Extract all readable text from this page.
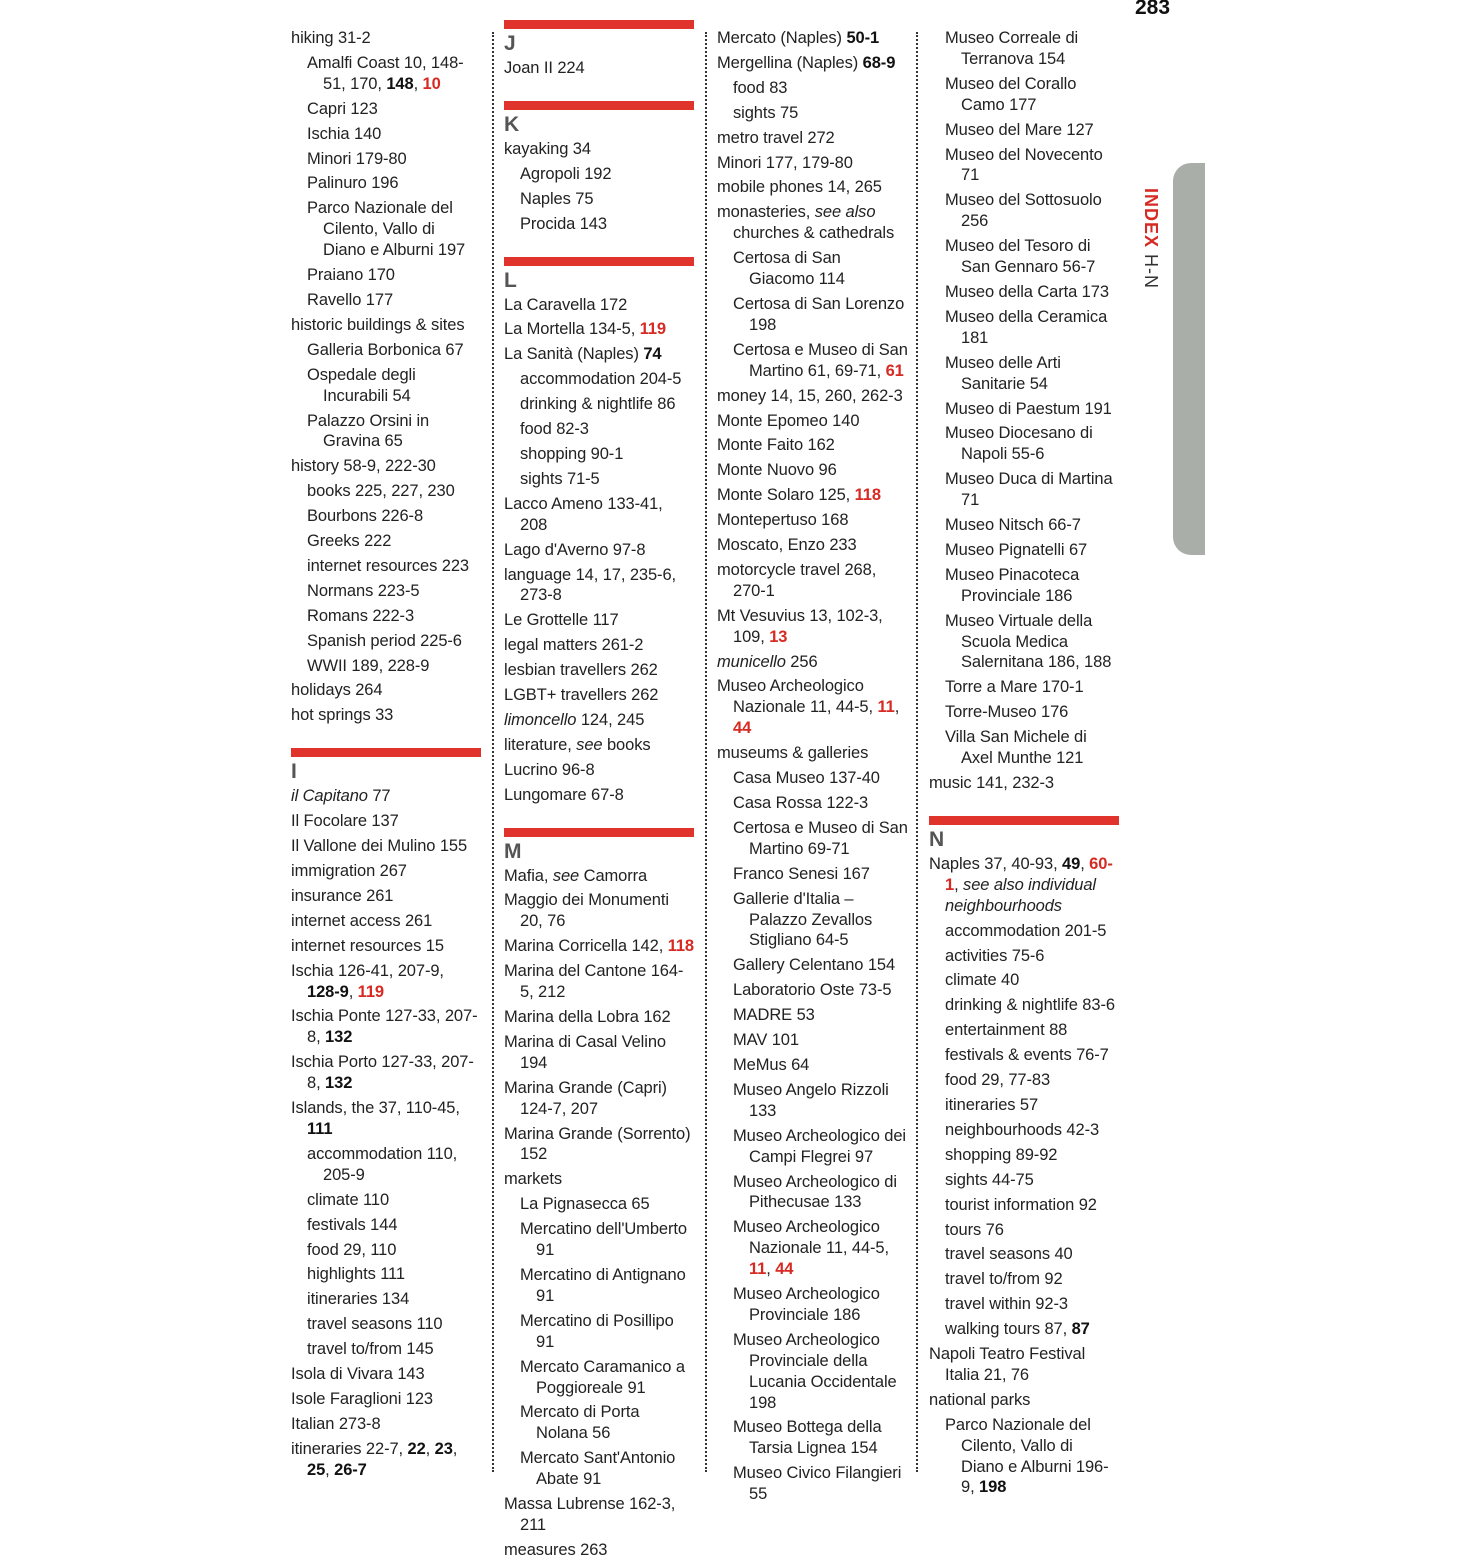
283
hiking 31-2
Amalfi Coast 10, 148-51, 170, 148, 10
Capri 123
Ischia 140
Minori 179-80
Palinuro 196
Parco Nazionale del Cilento, Vallo di Diano e Alburni 197
Praiano 170
Ravello 177
historic buildings & sites
Galleria Borbonica 67
Ospedale degli Incurabili 54
Palazzo Orsini in Gravina 65
history 58-9, 222-30
books 225, 227, 230
Bourbons 226-8
Greeks 222
internet resources 223
Normans 223-5
Romans 222-3
Spanish period 225-6
WWII 189, 228-9
holidays 264
hot springs 33
I
il Capitano 77
Il Focolare 137
Il Vallone dei Mulino 155
immigration 267
insurance 261
internet access 261
internet resources 15
Ischia 126-41, 207-9, 128-9, 119
Ischia Ponte 127-33, 207-8, 132
Ischia Porto 127-33, 207-8, 132
Islands, the 37, 110-45, 111
accommodation 110, 205-9
climate 110
festivals 144
food 29, 110
highlights 111
itineraries 134
travel seasons 110
travel to/from 145
Isola di Vivara 143
Isole Faraglioni 123
Italian 273-8
itineraries 22-7, 22, 23, 25, 26-7
J
Joan II 224
K
kayaking 34
Agropoli 192
Naples 75
Procida 143
L
La Caravella 172
La Mortella 134-5, 119
La Sanità (Naples) 74
accommodation 204-5
drinking & nightlife 86
food 82-3
shopping 90-1
sights 71-5
Lacco Ameno 133-41, 208
Lago d'Averno 97-8
language 14, 17, 235-6, 273-8
Le Grottelle 117
legal matters 261-2
lesbian travellers 262
LGBT+ travellers 262
limoncello 124, 245
literature, see books
Lucrino 96-8
Lungomare 67-8
M
Mafia, see Camorra
Maggio dei Monumenti 20, 76
Marina Corricella 142, 118
Marina del Cantone 164-5, 212
Marina della Lobra 162
Marina di Casal Velino 194
Marina Grande (Capri) 124-7, 207
Marina Grande (Sorrento) 152
markets
La Pignasecca 65
Mercatino dell'Umberto 91
Mercatino di Antignano 91
Mercatino di Posillipo 91
Mercato Caramanico a Poggioreale 91
Mercato di Porta Nolana 56
Mercato Sant'Antonio Abate 91
Massa Lubrense 162-3, 211
measures 263
Mercato (Naples) 50-1
Mergellina (Naples) 68-9
food 83
sights 75
metro travel 272
Minori 177, 179-80
mobile phones 14, 265
monasteries, see also churches & cathedrals
Certosa di San Giacomo 114
Certosa di San Lorenzo 198
Certosa e Museo di San Martino 61, 69-71, 61
money 14, 15, 260, 262-3
Monte Epomeo 140
Monte Faito 162
Monte Nuovo 96
Monte Solaro 125, 118
Montepertuso 168
Moscato, Enzo 233
motorcycle travel 268, 270-1
Mt Vesuvius 13, 102-3, 109, 13
municello 256
Museo Archeologico Nazionale 11, 44-5, 11, 44
museums & galleries
Casa Museo 137-40
Casa Rossa 122-3
Certosa e Museo di San Martino 69-71
Franco Senesi 167
Gallerie d'Italia – Palazzo Zevallos Stigliano 64-5
Gallery Celentano 154
Laboratorio Oste 73-5
MADRE 53
MAV 101
MeMus 64
Museo Angelo Rizzoli 133
Museo Archeologico dei Campi Flegrei 97
Museo Archeologico di Pithecusae 133
Museo Archeologico Nazionale 11, 44-5, 11, 44
Museo Archeologico Provinciale 186
Museo Archeologico Provinciale della Lucania Occidentale 198
Museo Bottega della Tarsia Lignea 154
Museo Civico Filangieri 55
Museo Correale di Terranova 154
Museo del Corallo Camo 177
Museo del Mare 127
Museo del Novecento 71
Museo del Sottosuolo 256
Museo del Tesoro di San Gennaro 56-7
Museo della Carta 173
Museo della Ceramica 181
Museo delle Arti Sanitarie 54
Museo di Paestum 191
Museo Diocesano di Napoli 55-6
Museo Duca di Martina 71
Museo Nitsch 66-7
Museo Pignatelli 67
Museo Pinacoteca Provinciale 186
Museo Virtuale della Scuola Medica Salernitana 186, 188
Torre a Mare 170-1
Torre-Museo 176
Villa San Michele di Axel Munthe 121
music 141, 232-3
N
Naples 37, 40-93, 49, 60-1, see also individual neighbourhoods
accommodation 201-5
activities 75-6
climate 40
drinking & nightlife 83-6
entertainment 88
festivals & events 76-7
food 29, 77-83
itineraries 57
neighbourhoods 42-3
shopping 89-92
sights 44-75
tourist information 92
tours 76
travel seasons 40
travel to/from 92
travel within 92-3
walking tours 87, 87
Napoli Teatro Festival Italia 21, 76
national parks
Parco Nazionale del Cilento, Vallo di Diano e Alburni 196-9, 198
INDEX H-N
